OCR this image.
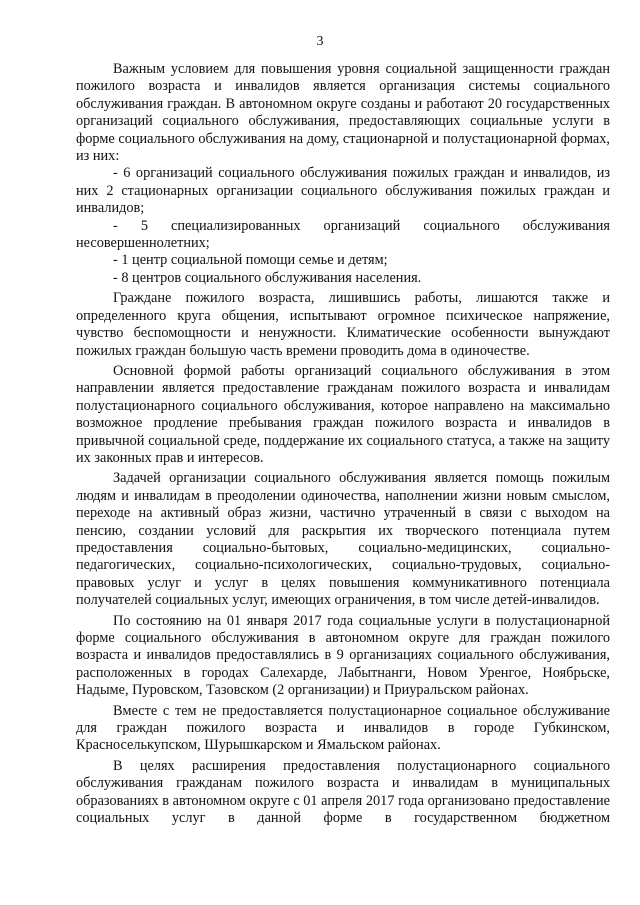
3

Важным условием для повышения уровня социальной защищенности граждан пожилого возраста и инвалидов является организация системы социального обслуживания граждан. В автономном округе созданы и работают 20 государственных организаций социального обслуживания, предоставляющих социальные услуги в форме социального обслуживания на дому, стационарной и полустационарной формах, из них:

- 6 организаций социального обслуживания пожилых граждан и инвалидов, из них 2 стационарных организации социального обслуживания пожилых граждан и инвалидов;

- 5 специализированных организаций социального обслуживания несовершеннолетних;

- 1 центр социальной помощи семье и детям;

- 8 центров социального обслуживания населения.

Граждане пожилого возраста, лишившись работы, лишаются также и определенного круга общения, испытывают огромное психическое напряжение, чувство беспомощности и ненужности. Климатические особенности вынуждают пожилых граждан большую часть времени проводить дома в одиночестве.

Основной формой работы организаций социального обслуживания в этом направлении является предоставление гражданам пожилого возраста и инвалидам полустационарного социального обслуживания, которое направлено на максимально возможное продление пребывания граждан пожилого возраста и инвалидов в привычной социальной среде, поддержание их социального статуса, а также на защиту их законных прав и интересов.

Задачей организации социального обслуживания является помощь пожилым людям и инвалидам в преодолении одиночества, наполнении жизни новым смыслом, переходе на активный образ жизни, частично утраченный в связи с выходом на пенсию, создании условий для раскрытия их творческого потенциала путем предоставления социально-бытовых, социально-медицинских, социально-педагогических, социально-психологических, социально-трудовых, социально-правовых услуг и услуг в целях повышения коммуникативного потенциала получателей социальных услуг, имеющих ограничения, в том числе детей-инвалидов.

По состоянию на 01 января 2017 года социальные услуги в полустационарной форме социального обслуживания в автономном округе для граждан пожилого возраста и инвалидов предоставлялись в 9 организациях социального обслуживания, расположенных в городах Салехарде, Лабытнанги, Новом Уренгое, Ноябрьске, Надыме, Пуровском, Тазовском (2 организации) и Приуральском районах.

Вместе с тем не предоставляется полустационарное социальное обслуживание для граждан пожилого возраста и инвалидов в городе Губкинском, Красноселькупском, Шурышкарском и Ямальском районах.

В целях расширения предоставления полустационарного социального обслуживания гражданам пожилого возраста и инвалидам в муниципальных образованиях в автономном округе с 01 апреля 2017 года организовано предоставление социальных услуг в данной форме в государственном бюджетном
